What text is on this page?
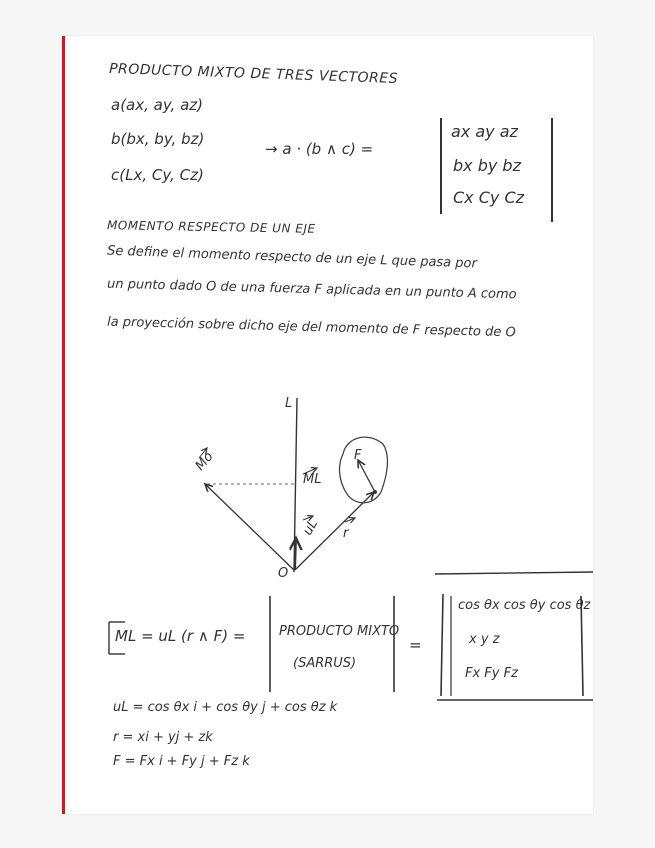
PRODUCTO MIXTO DE TRES VECTORES
a(ax, ay, az)
b(bx, by, bz)
c(Lx, Cy, Cz)
→ a · (b ∧ c) =
ax ay az
bx by bz
Cx Cy Cz
MOMENTO RESPECTO DE UN EJE
Se define el momento respecto de un eje L que pasa por
un punto dado O de una fuerza F aplicada en un punto A como
la proyección sobre dicho eje del momento de F respecto de O
L
O
Mo
ML
uL r
F
ML = uL (r ∧ F) =	PRODUCTO MIXTO
(SARRUS)
=
cos θx cos θy cos θz
x y z
Fx Fy Fz
uL = cos θx i + cos θy j + cos θz k
r = xi + yj + zk
F = Fx i + Fy j + Fz k
